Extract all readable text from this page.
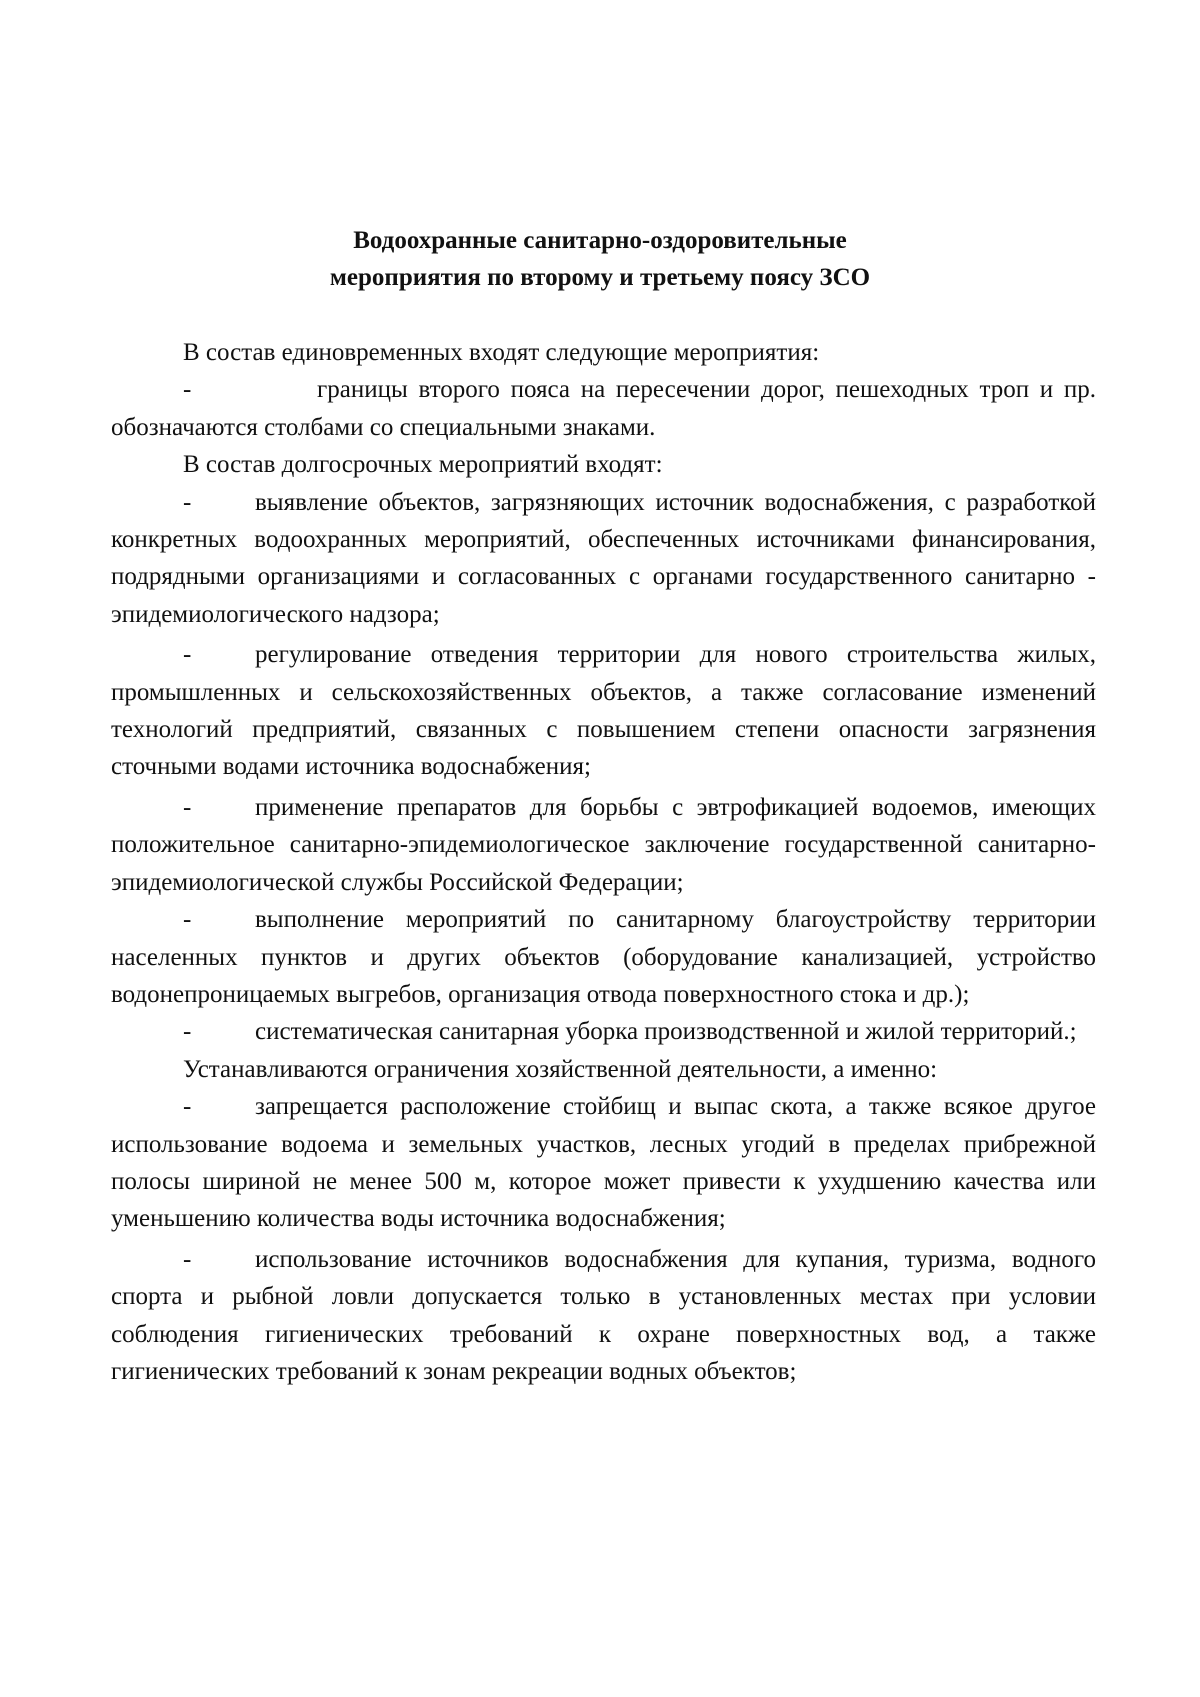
Водоохранные санитарно-оздоровительные
мероприятия по второму и третьему поясу ЗСО

В состав единовременных входят следующие мероприятия:

-	границы второго пояса на пересечении дорог, пешеходных троп и пр. обозначаются столбами со специальными знаками.

В состав долгосрочных мероприятий входят:

-	выявление объектов, загрязняющих источник водоснабжения, с разработкой конкретных водоохранных мероприятий, обеспеченных источниками финансирования, подрядными организациями и согласованных с органами государственного санитарно - эпидемиологического надзора;

-	регулирование отведения территории для нового строительства жилых, промышленных и сельскохозяйственных объектов, а также согласование изменений технологий предприятий, связанных с повышением степени опасности загрязнения сточными водами источника водоснабжения;

-	применение препаратов для борьбы с эвтрофикацией водоемов, имеющих положительное санитарно-эпидемиологическое заключение государственной санитарно-эпидемиологической службы Российской Федерации;

-	выполнение мероприятий по санитарному благоустройству территории населенных пунктов и других объектов (оборудование канализацией, устройство водонепроницаемых выгребов, организация отвода поверхностного стока и др.);

-	систематическая санитарная уборка производственной и жилой территорий.;

Устанавливаются ограничения хозяйственной деятельности, а именно:

-	запрещается расположение стойбищ и выпас скота, а также всякое другое использование водоема и земельных участков, лесных угодий в пределах прибрежной полосы шириной не менее 500 м, которое может привести к ухудшению качества или уменьшению количества воды источника водоснабжения;

-	использование источников водоснабжения для купания, туризма, водного спорта и рыбной ловли допускается только в установленных местах при условии соблюдения гигиенических требований к охране поверхностных вод, а также гигиенических требований к зонам рекреации водных объектов;
